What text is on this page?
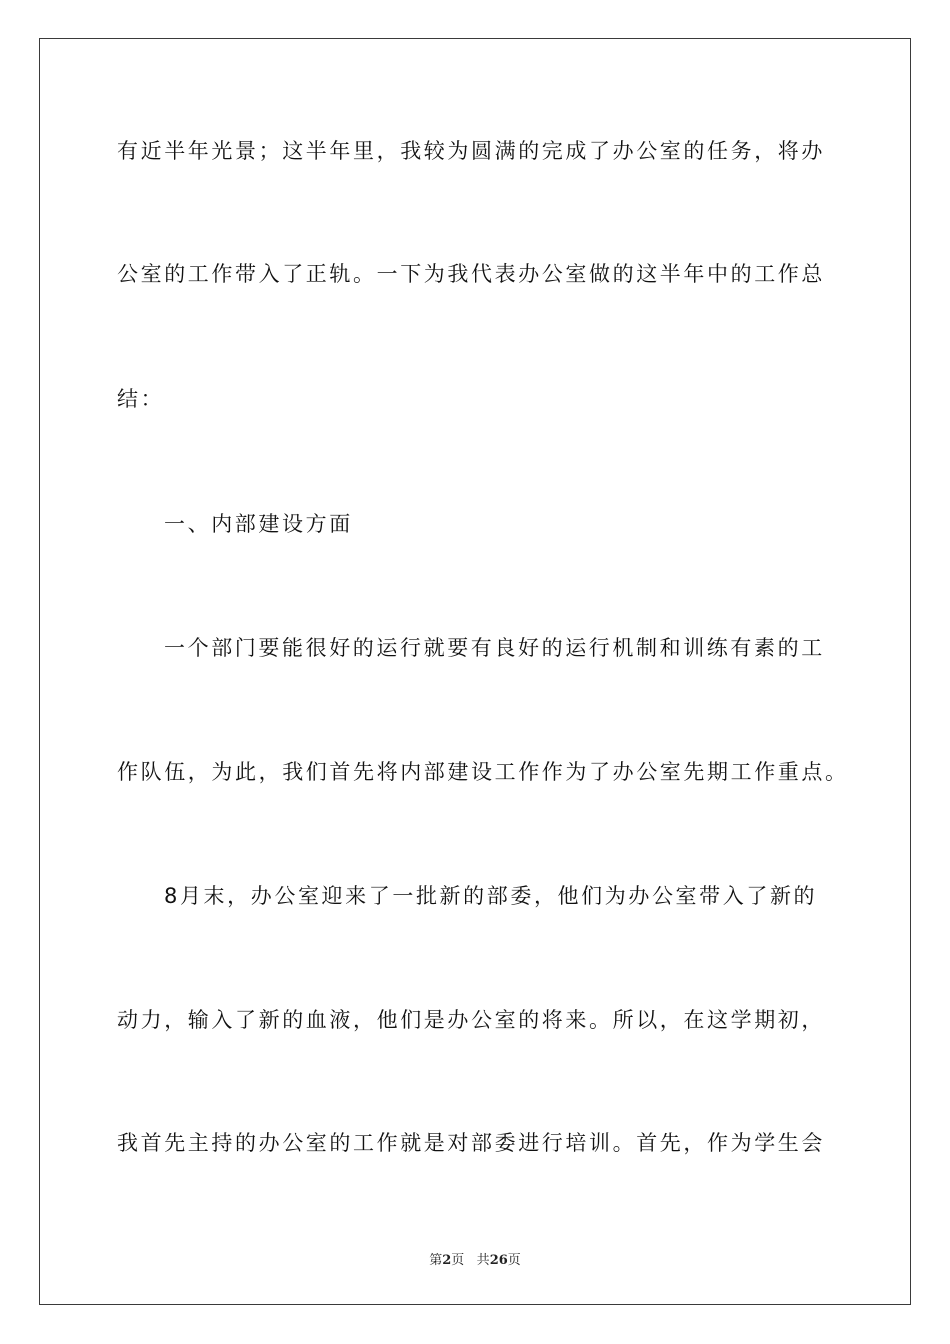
有近半年光景；这半年里，我较为圆满的完成了办公室的任务，将办

公室的工作带入了正轨。一下为我代表办公室做的这半年中的工作总

结：

一、内部建设方面

一个部门要能很好的运行就要有良好的运行机制和训练有素的工

作队伍，为此，我们首先将内部建设工作作为了办公室先期工作重点。

8月末，办公室迎来了一批新的部委，他们为办公室带入了新的

动力，输入了新的血液，他们是办公室的将来。所以，在这学期初，

我首先主持的办公室的工作就是对部委进行培训。首先，作为学生会

第2页 共26页
